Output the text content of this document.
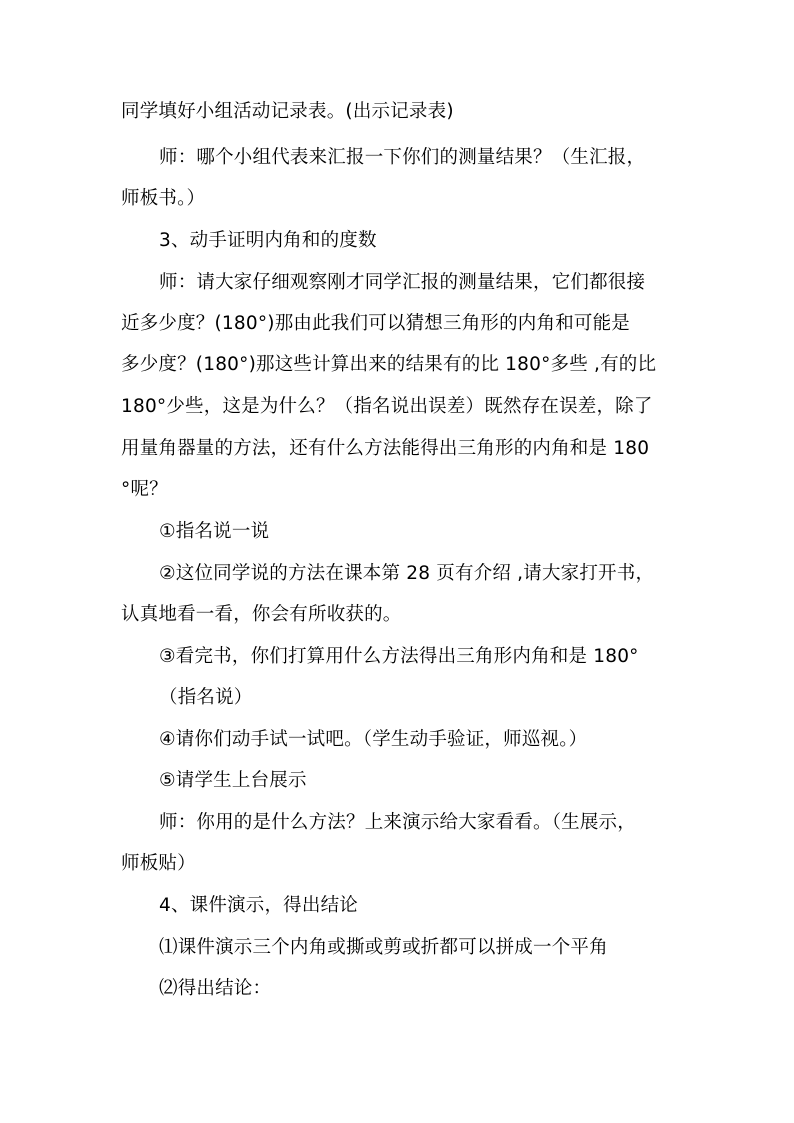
同学填好小组活动记录表。(出示记录表)
师：哪个小组代表来汇报一下你们的测量结果？（生汇报，
师板书。）
3、动手证明内角和的度数
师：请大家仔细观察刚才同学汇报的测量结果，它们都很接
近多少度？(180°)那由此我们可以猜想三角形的内角和可能是
多少度？(180°)那这些计算出来的结果有的比 180°多些 ,有的比
180°少些，这是为什么？（指名说出误差）既然存在误差，除了
用量角器量的方法，还有什么方法能得出三角形的内角和是 180
°呢？
①指名说一说
②这位同学说的方法在课本第 28 页有介绍 ,请大家打开书，
认真地看一看，你会有所收获的。
③看完书，你们打算用什么方法得出三角形内角和是 180°
（指名说）
④请你们动手试一试吧。（学生动手验证，师巡视。）
⑤请学生上台展示
师：你用的是什么方法？上来演示给大家看看。（生展示，
师板贴）
4、课件演示，得出结论
⑴课件演示三个内角或撕或剪或折都可以拼成一个平角
⑵得出结论：
